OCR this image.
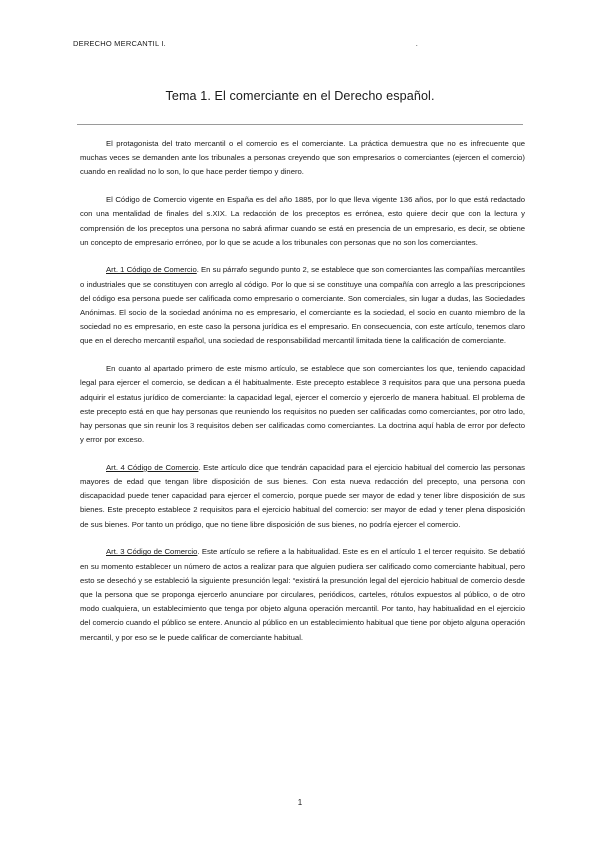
DERECHO MERCANTIL I.	.
Tema 1. El comerciante en el Derecho español.

El protagonista del trato mercantil o el comercio es el comerciante. La práctica demuestra que no es infrecuente que muchas veces se demanden ante los tribunales a personas creyendo que son empresarios o comerciantes (ejercen el comercio) cuando en realidad no lo son, lo que hace perder tiempo y dinero.

El Código de Comercio vigente en España es del año 1885, por lo que lleva vigente 136 años, por lo que está redactado con una mentalidad de finales del s.XIX. La redacción de los preceptos es errónea, esto quiere decir que con la lectura y comprensión de los preceptos una persona no sabrá afirmar cuando se está en presencia de un empresario, es decir, se obtiene un concepto de empresario erróneo, por lo que se acude a los tribunales con personas que no son los comerciantes.

Art. 1 Código de Comercio. En su párrafo segundo punto 2, se establece que son comerciantes las compañías mercantiles o industriales que se constituyen con arreglo al código. Por lo que si se constituye una compañía con arreglo a las prescripciones del código esa persona puede ser calificada como empresario o comerciante. Son comerciales, sin lugar a dudas, las Sociedades Anónimas. El socio de la sociedad anónima no es empresario, el comerciante es la sociedad, el socio en cuanto miembro de la sociedad no es empresario, en este caso la persona jurídica es el empresario. En consecuencia, con este artículo, tenemos claro que en el derecho mercantil español, una sociedad de responsabilidad mercantil limitada tiene la calificación de comerciante.

En cuanto al apartado primero de este mismo artículo, se establece que son comerciantes los que, teniendo capacidad legal para ejercer el comercio, se dedican a él habitualmente. Este precepto establece 3 requisitos para que una persona pueda adquirir el estatus jurídico de comerciante: la capacidad legal, ejercer el comercio y ejercerlo de manera habitual. El problema de este precepto está en que hay personas que reuniendo los requisitos no pueden ser calificadas como comerciantes, por otro lado, hay personas que sin reunir los 3 requisitos deben ser calificadas como comerciantes. La doctrina aquí habla de error por defecto y error por exceso.

Art. 4 Código de Comercio. Este artículo dice que tendrán capacidad para el ejercicio habitual del comercio las personas mayores de edad que tengan libre disposición de sus bienes. Con esta nueva redacción del precepto, una persona con discapacidad puede tener capacidad para ejercer el comercio, porque puede ser mayor de edad y tener libre disposición de sus bienes. Este precepto establece 2 requisitos para el ejercicio habitual del comercio: ser mayor de edad y tener plena disposición de sus bienes. Por tanto un pródigo, que no tiene libre disposición de sus bienes, no podría ejercer el comercio.

Art. 3 Código de Comercio. Este artículo se refiere a la habitualidad. Este es en el artículo 1 el tercer requisito. Se debatió en su momento establecer un número de actos a realizar para que alguien pudiera ser calificado como comerciante habitual, pero esto se desechó y se estableció la siguiente presunción legal: “existirá la presunción legal del ejercicio habitual de comercio desde que la persona que se proponga ejercerlo anunciare por circulares, periódicos, carteles, rótulos expuestos al público, o de otro modo cualquiera, un establecimiento que tenga por objeto alguna operación mercantil. Por tanto, hay habitualidad en el ejercicio del comercio cuando el público se entere. Anuncio al público en un establecimiento habitual que tiene por objeto alguna operación mercantil, y por eso se le puede calificar de comerciante habitual.

1
